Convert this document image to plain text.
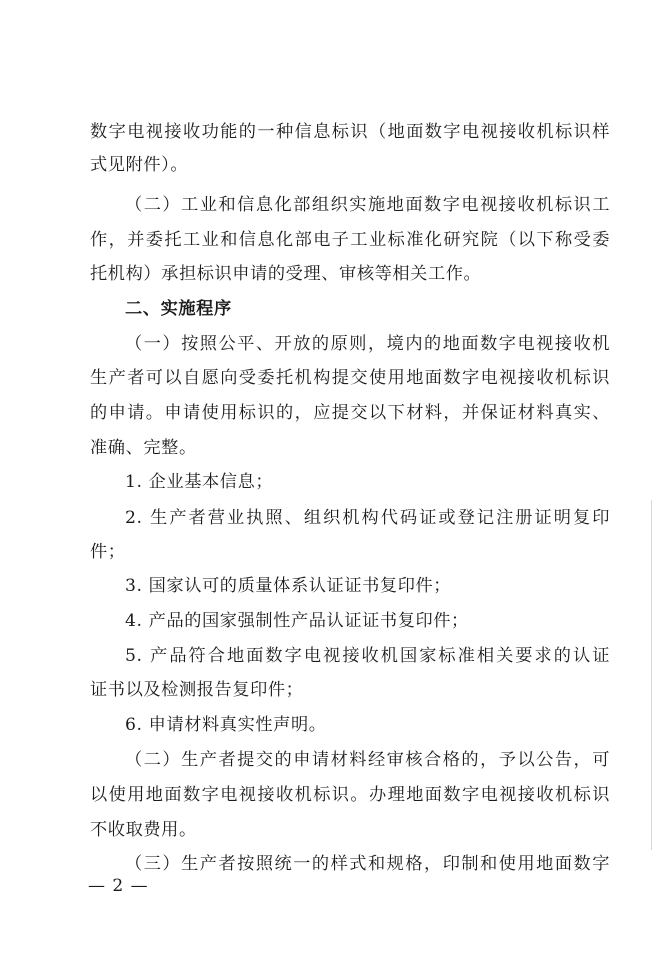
数字电视接收功能的一种信息标识（地面数字电视接收机标识样
式见附件）。
（二）工业和信息化部组织实施地面数字电视接收机标识工
作，并委托工业和信息化部电子工业标准化研究院（以下称受委
托机构）承担标识申请的受理、审核等相关工作。
二、实施程序
（一）按照公平、开放的原则，境内的地面数字电视接收机
生产者可以自愿向受委托机构提交使用地面数字电视接收机标识
的申请。申请使用标识的，应提交以下材料，并保证材料真实、
准确、完整。
1. 企业基本信息；
2. 生产者营业执照、组织机构代码证或登记注册证明复印
件；
3. 国家认可的质量体系认证证书复印件；
4. 产品的国家强制性产品认证证书复印件；
5. 产品符合地面数字电视接收机国家标准相关要求的认证
证书以及检测报告复印件；
6. 申请材料真实性声明。
（二）生产者提交的申请材料经审核合格的，予以公告，可
以使用地面数字电视接收机标识。办理地面数字电视接收机标识
不收取费用。
（三）生产者按照统一的样式和规格，印制和使用地面数字
— 2 —
